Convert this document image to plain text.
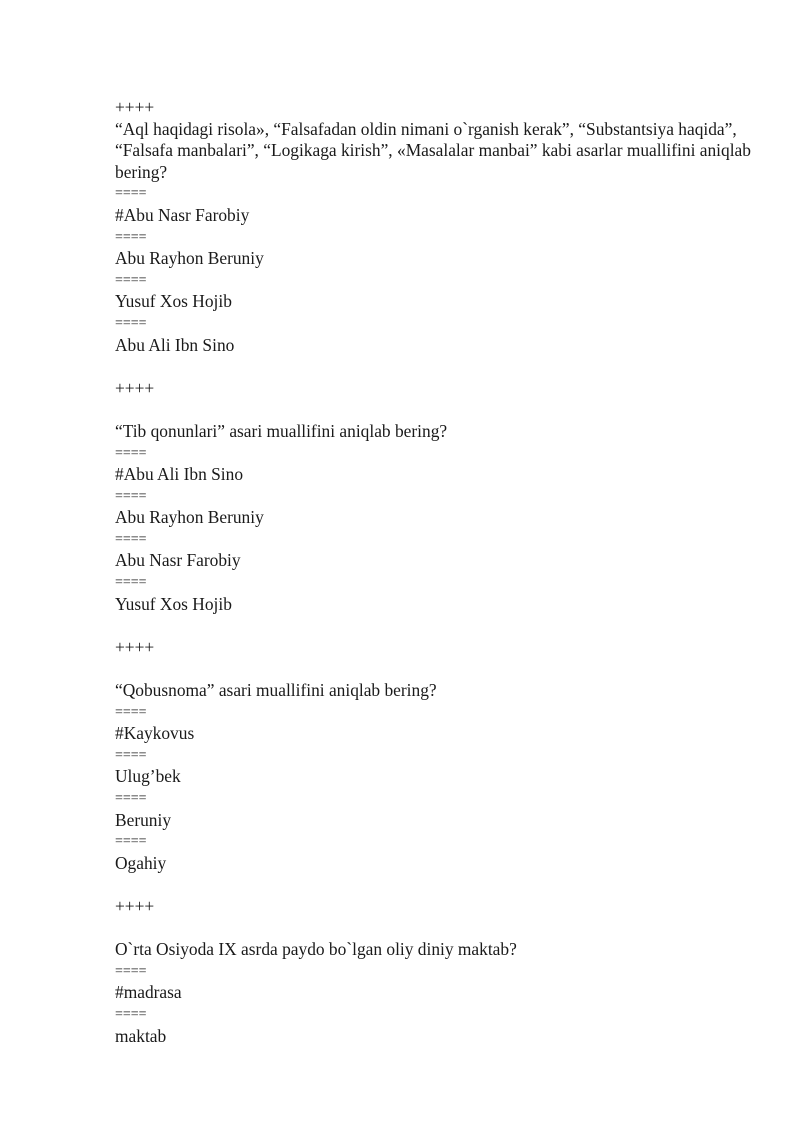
++++
“Aql haqidagi risola», “Falsafadan oldin nimani o`rganish kerak”, “Substantsiya haqida”, “Falsafa manbalari”, “Logikaga kirish”, «Masalalar manbai” kabi asarlar muallifini aniqlab bering?
====
#Abu Nasr Farobiy
====
Abu Rayhon Beruniy
====
Yusuf Xos Hojib
====
Abu Ali Ibn Sino
++++
“Tib qonunlari” asari muallifini aniqlab bering?
====
#Abu Ali Ibn Sino
====
Abu Rayhon Beruniy
====
Abu Nasr Farobiy
====
Yusuf Xos Hojib
++++
“Qobusnoma” asari muallifini aniqlab bering?
====
#Kaykovus
====
Ulug’bek
====
Beruniy
====
Ogahiy
++++
O`rta Osiyoda IX asrda paydo bo`lgan oliy diniy maktab?
====
#madrasa
====
maktab
